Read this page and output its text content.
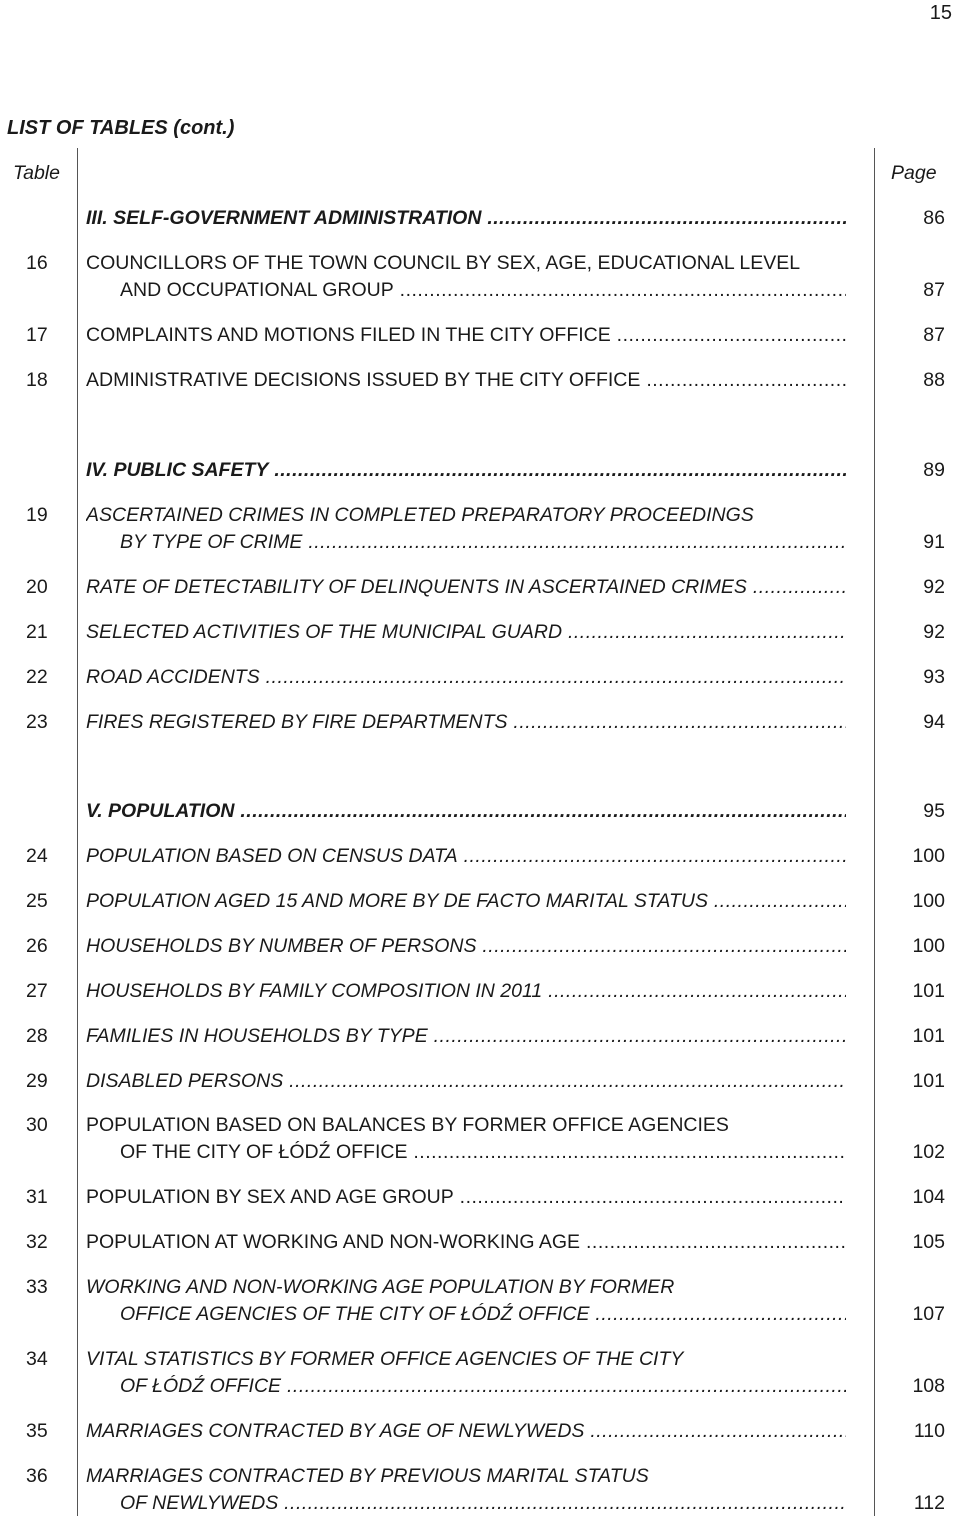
15
LIST OF TABLES (cont.)
Table	Page
III. SELF-GOVERNMENT ADMINISTRATION .....	86
16	COUNCILLORS OF THE TOWN COUNCIL BY SEX, AGE, EDUCATIONAL LEVEL
AND OCCUPATIONAL GROUP .....	87
17	COMPLAINTS AND MOTIONS FILED IN THE CITY OFFICE .....	87
18	ADMINISTRATIVE DECISIONS ISSUED BY THE CITY OFFICE .....	88
IV. PUBLIC SAFETY .....	89
19	ASCERTAINED CRIMES IN COMPLETED PREPARATORY PROCEEDINGS
BY TYPE OF CRIME .....	91
20	RATE OF DETECTABILITY OF DELINQUENTS IN ASCERTAINED CRIMES .....	92
21	SELECTED ACTIVITIES OF THE MUNICIPAL GUARD .....	92
22	ROAD ACCIDENTS .....	93
23	FIRES REGISTERED BY FIRE DEPARTMENTS .....	94
V. POPULATION .....	95
24	POPULATION BASED ON CENSUS DATA .....	100
25	POPULATION AGED 15 AND MORE BY DE FACTO MARITAL STATUS .....	100
26	HOUSEHOLDS BY NUMBER OF PERSONS .....	100
27	HOUSEHOLDS BY FAMILY COMPOSITION IN 2011 .....	101
28	FAMILIES IN HOUSEHOLDS BY TYPE .....	101
29	DISABLED PERSONS .....	101
30	POPULATION BASED ON BALANCES BY FORMER OFFICE AGENCIES
OF THE CITY OF ŁÓDŹ OFFICE .....	102
31	POPULATION BY SEX AND AGE GROUP .....	104
32	POPULATION AT WORKING AND NON-WORKING AGE .....	105
33	WORKING AND NON-WORKING AGE POPULATION BY FORMER
OFFICE AGENCIES OF THE CITY OF ŁÓDŹ OFFICE .....	107
34	VITAL STATISTICS BY FORMER OFFICE AGENCIES OF THE CITY
OF ŁÓDŹ OFFICE .....	108
35	MARRIAGES CONTRACTED BY AGE OF NEWLYWEDS .....	110
36	MARRIAGES CONTRACTED BY PREVIOUS MARITAL STATUS
OF NEWLYWEDS .....	112
